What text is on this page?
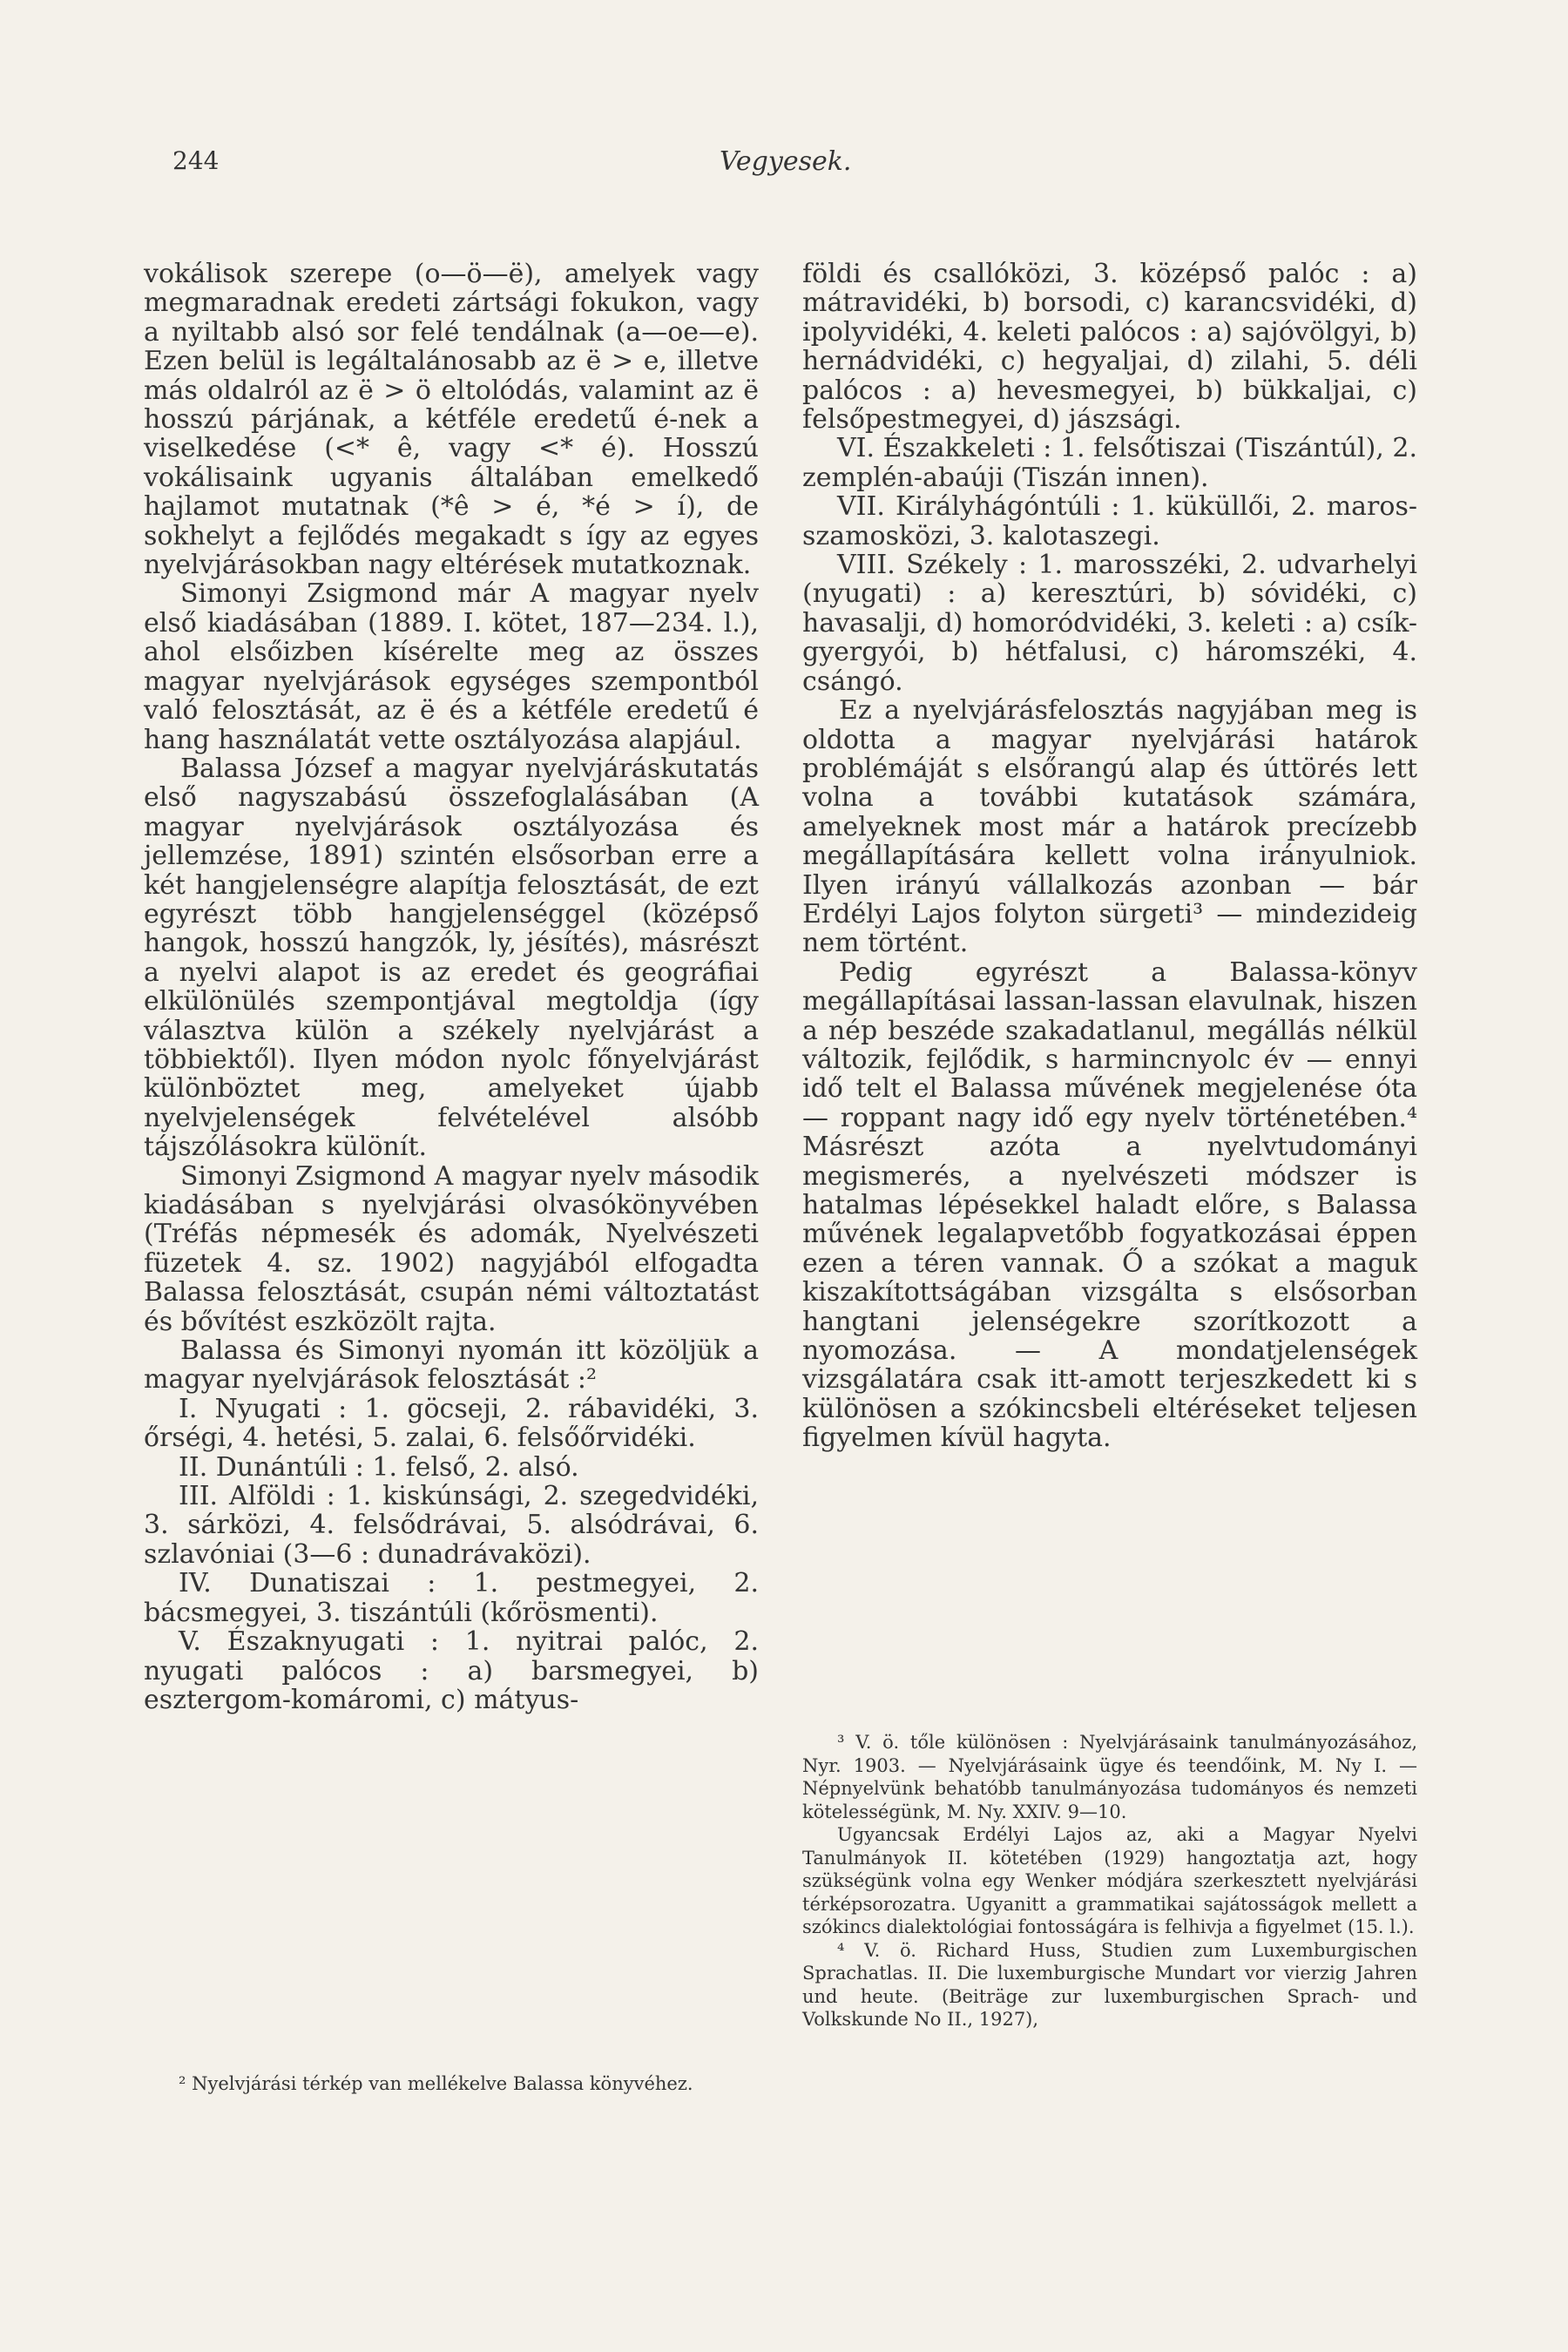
244	Vegyesek.

vokálisok szerepe (o—ö—ë), amelyek vagy megmaradnak eredeti zártsági fokukon, vagy a nyiltabb alsó sor felé tendálnak (a—oe—e). Ezen belül is legáltalánosabb az ë > e, illetve más oldalról az ë > ö eltolódás, valamint az ë hosszú párjának, a kétféle eredetű é-nek a viselkedése (<* ê, vagy <* é). Hosszú vokálisaink ugyanis általában emelkedő hajlamot mutatnak (*ê > é, *é > í), de sokhelyt a fejlődés megakadt s így az egyes nyelvjárásokban nagy eltérések mutatkoznak.

Simonyi Zsigmond már A magyar nyelv első kiadásában (1889. I. kötet, 187—234. l.), ahol elsőizben kísérelte meg az összes magyar nyelvjárások egységes szempontból való felosztását, az ë és a kétféle eredetű é hang használatát vette osztályozása alapjául.

Balassa József a magyar nyelvjáráskutatás első nagyszabású összefoglalásában (A magyar nyelvjárások osztályozása és jellemzése, 1891) szintén elsősorban erre a két hangjelenségre alapítja felosztását, de ezt egyrészt több hangjelenséggel (középső hangok, hosszú hangzók, ly, jésítés), másrészt a nyelvi alapot is az eredet és geográfiai elkülönülés szempontjával megtoldja (így választva külön a székely nyelvjárást a többiektől). Ilyen módon nyolc főnyelvjárást különböztet meg, amelyeket újabb nyelvjelenségek felvételével alsóbb tájszólásokra különít.

Simonyi Zsigmond A magyar nyelv második kiadásában s nyelvjárási olvasókönyvében (Tréfás népmesék és adomák, Nyelvészeti füzetek 4. sz. 1902) nagyjából elfogadta Balassa felosztását, csupán némi változtatást és bővítést eszközölt rajta.

Balassa és Simonyi nyomán itt közöljük a magyar nyelvjárások felosztását :²

I. Nyugati : 1. göcseji, 2. rábavidéki, 3. őrségi, 4. hetési, 5. zalai, 6. felsőőrvidéki.

II. Dunántúli : 1. felső, 2. alsó.

III. Alföldi : 1. kiskúnsági, 2. szegedvidéki, 3. sárközi, 4. felsődrávai, 5. alsódrávai, 6. szlavóniai (3—6 : dunadrávaközi).

IV. Dunatiszai : 1. pestmegyei, 2. bácsmegyei, 3. tiszántúli (kőrösmenti).

V. Északnyugati : 1. nyitrai palóc, 2. nyugati palócos : a) barsmegyei, b) esztergom-komáromi, c) mátyus-

² Nyelvjárási térkép van mellékelve Balassa könyvéhez.

földi és csallóközi, 3. középső palóc : a) mátravidéki, b) borsodi, c) karancsvidéki, d) ipolyvidéki, 4. keleti palócos : a) sajóvölgyi, b) hernádvidéki, c) hegyaljai, d) zilahi, 5. déli palócos : a) hevesmegyei, b) bükkaljai, c) felsőpestmegyei, d) jászsági.

VI. Északkeleti : 1. felsőtiszai (Tiszántúl), 2. zemplén-abaúji (Tiszán innen).

VII. Királyhágóntúli : 1. küküllői, 2. maros-szamosközi, 3. kalotaszegi.

VIII. Székely : 1. marosszéki, 2. udvarhelyi (nyugati) : a) keresztúri, b) sóvidéki, c) havasalji, d) homoródvidéki, 3. keleti : a) csík-gyergyói, b) hétfalusi, c) háromszéki, 4. csángó.

Ez a nyelvjárásfelosztás nagyjában meg is oldotta a magyar nyelvjárási határok problémáját s elsőrangú alap és úttörés lett volna a további kutatások számára, amelyeknek most már a határok precízebb megállapítására kellett volna irányulniok. Ilyen irányú vállalkozás azonban — bár Erdélyi Lajos folyton sürgeti³ — mindezideig nem történt.

Pedig egyrészt a Balassa-könyv megállapításai lassan-lassan elavulnak, hiszen a nép beszéde szakadatlanul, megállás nélkül változik, fejlődik, s harmincnyolc év — ennyi idő telt el Balassa művének megjelenése óta — roppant nagy idő egy nyelv történetében.⁴ Másrészt azóta a nyelvtudományi megismerés, a nyelvészeti módszer is hatalmas lépésekkel haladt előre, s Balassa művének legalapvetőbb fogyatkozásai éppen ezen a téren vannak. Ő a szókat a maguk kiszakítottságában vizsgálta s elsősorban hangtani jelenségekre szorítkozott a nyomozása. — A mondatjelenségek vizsgálatára csak itt-amott terjeszkedett ki s különösen a szókincsbeli eltéréseket teljesen figyelmen kívül hagyta.

³ V. ö. tőle különösen : Nyelvjárásaink tanulmányozásához, Nyr. 1903. — Nyelvjárásaink ügye és teendőink, M. Ny I. — Népnyelvünk behatóbb tanulmányozása tudományos és nemzeti kötelességünk, M. Ny. XXIV. 9—10.

Ugyancsak Erdélyi Lajos az, aki a Magyar Nyelvi Tanulmányok II. kötetében (1929) hangoztatja azt, hogy szükségünk volna egy Wenker módjára szerkesztett nyelvjárási térképsorozatra. Ugyanitt a grammatikai sajátosságok mellett a szókincs dialektológiai fontosságára is felhivja a figyelmet (15. l.).

⁴ V. ö. Richard Huss, Studien zum Luxemburgischen Sprachatlas. II. Die luxemburgische Mundart vor vierzig Jahren und heute. (Beiträge zur luxemburgischen Sprach- und Volkskunde No II., 1927),
